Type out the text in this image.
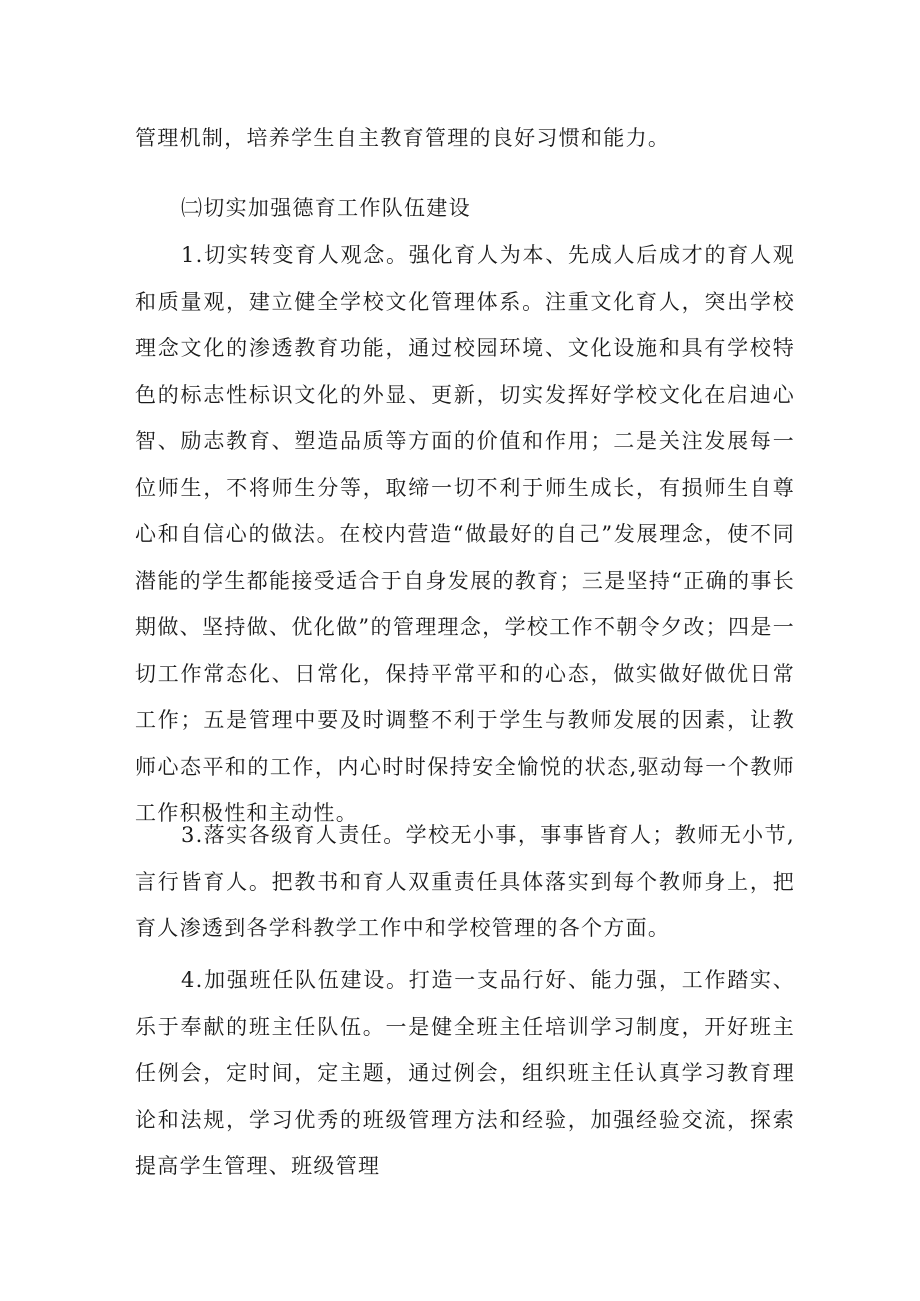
管理机制，培养学生自主教育管理的良好习惯和能力。

㈡切实加强德育工作队伍建设

1.切实转变育人观念。强化育人为本、先成人后成才的育人观和质量观，建立健全学校文化管理体系。注重文化育人，突出学校理念文化的渗透教育功能，通过校园环境、文化设施和具有学校特色的标志性标识文化的外显、更新，切实发挥好学校文化在启迪心智、励志教育、塑造品质等方面的价值和作用；二是关注发展每一位师生，不将师生分等，取缔一切不利于师生成长，有损师生自尊心和自信心的做法。在校内营造“做最好的自己”发展理念，使不同潜能的学生都能接受适合于自身发展的教育；三是坚持“正确的事长期做、坚持做、优化做”的管理理念，学校工作不朝令夕改；四是一切工作常态化、日常化，保持平常平和的心态，做实做好做优日常工作；五是管理中要及时调整不利于学生与教师发展的因素，让教师心态平和的工作，内心时时保持安全愉悦的状态,驱动每一个教师工作积极性和主动性。

3.落实各级育人责任。学校无小事，事事皆育人；教师无小节,言行皆育人。把教书和育人双重责任具体落实到每个教师身上，把育人渗透到各学科教学工作中和学校管理的各个方面。

4.加强班任队伍建设。打造一支品行好、能力强，工作踏实、乐于奉献的班主任队伍。一是健全班主任培训学习制度，开好班主任例会，定时间，定主题，通过例会，组织班主任认真学习教育理论和法规，学习优秀的班级管理方法和经验，加强经验交流，探索提高学生管理、班级管理
